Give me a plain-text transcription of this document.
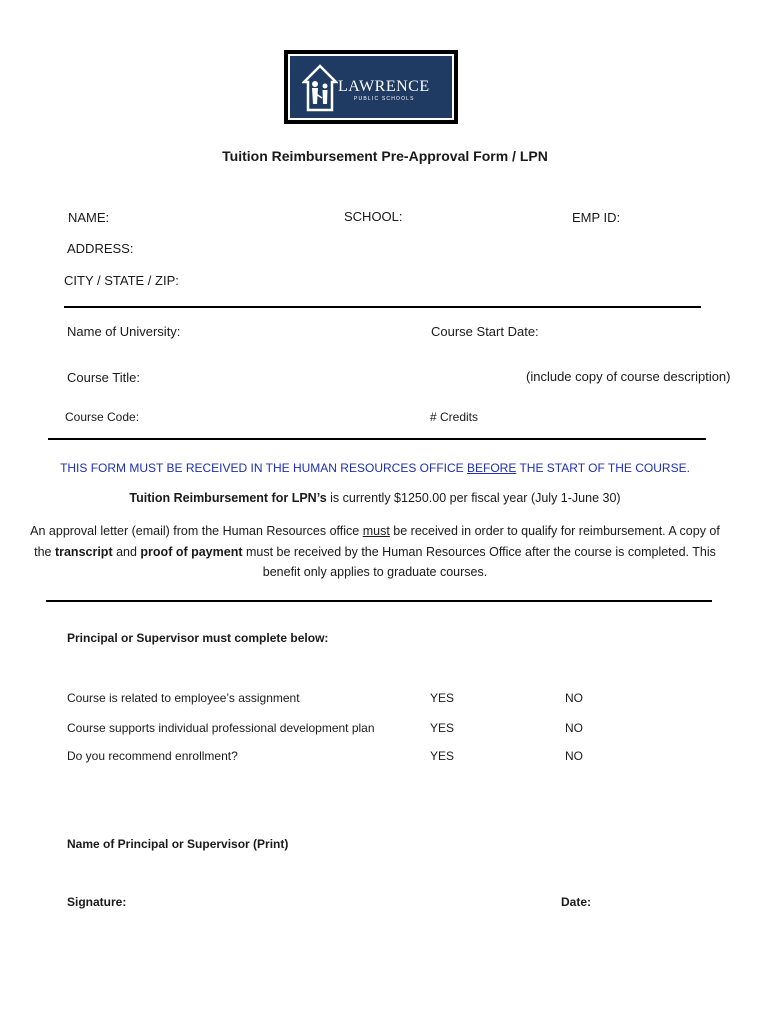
LAWRENCE
PUBLIC SCHOOLS
Tuition Reimbursement Pre-Approval Form / LPN
NAME:	SCHOOL:	EMP ID:
ADDRESS:
CITY / STATE / ZIP:
Name of University:	Course Start Date:
Course Title:	(include copy of course description)
Course Code:	# Credits
THIS FORM MUST BE RECEIVED IN THE HUMAN RESOURCES OFFICE BEFORE THE START OF THE COURSE.
Tuition Reimbursement for LPN’s is currently $1250.00 per fiscal year (July 1-June 30)
An approval letter (email) from the Human Resources office must be received in order to qualify for reimbursement. A copy of the transcript and proof of payment must be received by the Human Resources Office after the course is completed. This benefit only applies to graduate courses.
Principal or Supervisor must complete below:
Course is related to employee’s assignment	YES	NO
Course supports individual professional development plan	YES	NO
Do you recommend enrollment?	YES	NO
Name of Principal or Supervisor (Print)
Signature:	Date:
